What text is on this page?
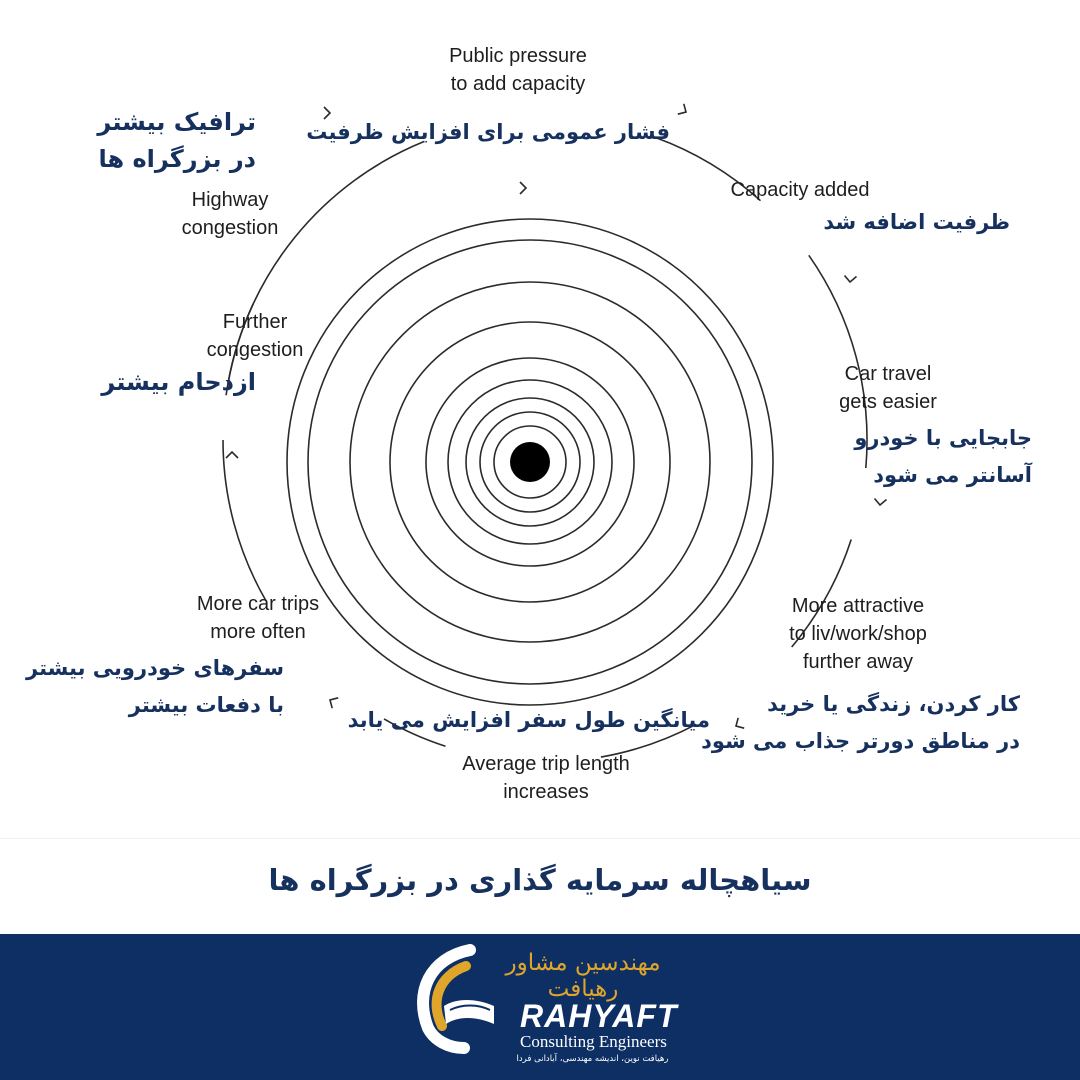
Public pressure
to add capacity
فشار عمومی برای افزایش ظرفیت
Capacity added
ظرفیت اضافه شد
Car travel
gets easier
جابجایی با خودرو
آسانتر می شود
More attractive
to liv/work/shop
further away
کار کردن، زندگی یا خرید
در مناطق دورتر جذاب می شود
میانگین طول سفر افزایش می یابد
Average trip length
increases
More car trips
more often
سفرهای خودرویی بیشتر
با دفعات بیشتر
Further
congestion
ازدحام بیشتر
ترافیک بیشتر
در بزرگراه ها
Highway
congestion

سیاهچاله سرمایه گذاری در بزرگراه ها

مهندسین مشاور رهیافت

RAHYAFT

Consulting Engineers

رهیافت نوین، اندیشه مهندسی، آبادانی فردا
